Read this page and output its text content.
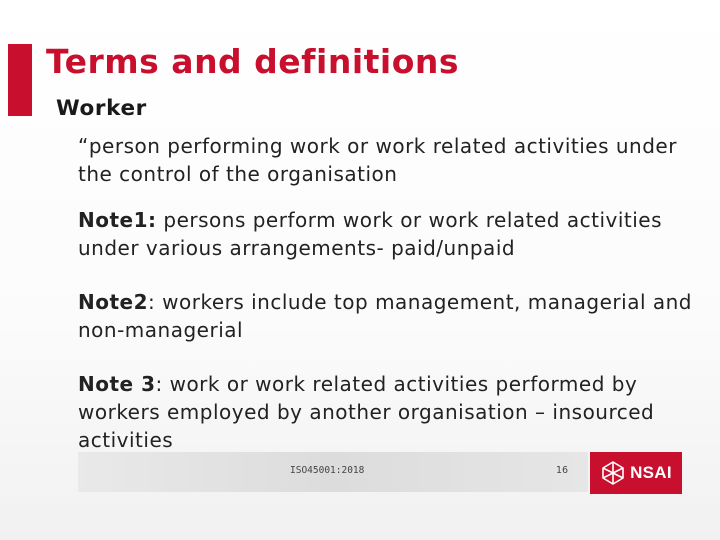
Terms and definitions
Worker
“person performing work or work related activities under the control of the organisation
Note1: persons perform work or work related activities under various arrangements- paid/unpaid
Note2: workers include top management, managerial and non-managerial
Note 3: work or work related activities performed by workers employed by another organisation – insourced activities
ISO45001:2018	16	NSAI
